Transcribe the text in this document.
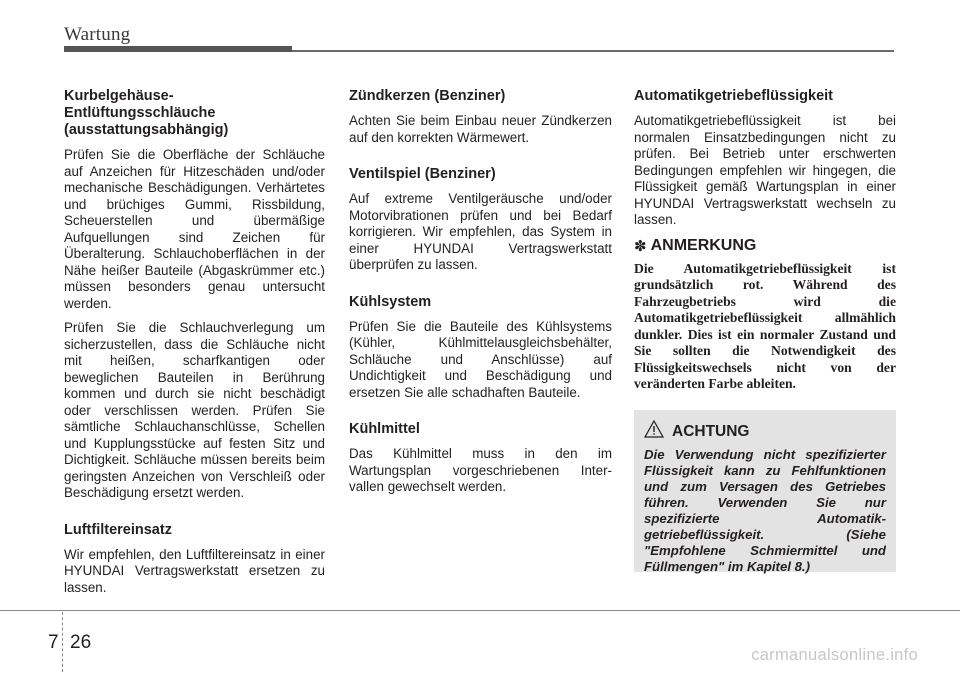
Wartung
Kurbelgehäuse- Entlüftungsschläuche (ausstattungsabhängig)

Prüfen Sie die Oberfläche der Schläuche auf Anzeichen für Hitzeschäden und/oder mechanische Beschädigungen. Verhärtetes und brüchiges Gummi, Rissbildung, Scheuerstellen und übermäßige Aufquellungen sind Zeichen für Überalterung. Schlauchoberflächen in der Nähe heißer Bauteile (Abgaskrümmer etc.) müssen besonders genau untersucht werden.

Prüfen Sie die Schlauchverlegung um sicherzustellen, dass die Schläuche nicht mit heißen, scharfkantigen oder beweglichen Bauteilen in Berührung kommen und durch sie nicht beschädigt oder verschlissen werden. Prüfen Sie sämtliche Schlauchanschlüsse, Schellen und Kupplungsstücke auf festen Sitz und Dichtigkeit. Schläuche müssen bereits beim geringsten Anzeichen von Verschleiß oder Beschädigung ersetzt werden.

Luftfiltereinsatz

Wir empfehlen, den Luftfiltereinsatz in einer HYUNDAI Vertragswerkstatt ersetzen zu lassen.

Zündkerzen (Benziner)

Achten Sie beim Einbau neuer Zündkerzen auf den korrekten Wärmewert.

Ventilspiel (Benziner)

Auf extreme Ventilgeräusche und/oder Motorvibrationen prüfen und bei Bedarf korrigieren. Wir empfehlen, das System in einer HYUNDAI Vertragswerkstatt überprüfen zu lassen.

Kühlsystem

Prüfen Sie die Bauteile des Kühlsystems (Kühler, Kühlmittelausgleichsbehälter, Schläuche und Anschlüsse) auf Undichtigkeit und Beschädigung und ersetzen Sie alle schadhaften Bauteile.

Kühlmittel

Das Kühlmittel muss in den im Wartungsplan vorgeschriebenen Inter- vallen gewechselt werden.

Automatikgetriebeflüssigkeit

Automatikgetriebeflüssigkeit ist bei normalen Einsatzbedingungen nicht zu prüfen. Bei Betrieb unter erschwerten Bedingungen empfehlen wir hingegen, die Flüssigkeit gemäß Wartungsplan in einer HYUNDAI Vertragswerkstatt wechseln zu lassen.

✽ ANMERKUNG

Die Automatikgetriebeflüssigkeit ist grundsätzlich rot. Während des Fahrzeugbetriebs wird die Automatikgetriebeflüssigkeit allmählich dunkler. Dies ist ein normaler Zustand und Sie sollten die Notwendigkeit des Flüssigkeitswechsels nicht von der veränderten Farbe ableiten.

ACHTUNG

Die Verwendung nicht spezifizierter Flüssigkeit kann zu Fehlfunktionen und zum Versagen des Getriebes führen. Verwenden Sie nur spezifizierte Automatik- getriebeflüssigkeit. (Siehe "Empfohlene Schmiermittel und Füllmengen" im Kapitel 8.)

7 26
carmanualsonline.info
